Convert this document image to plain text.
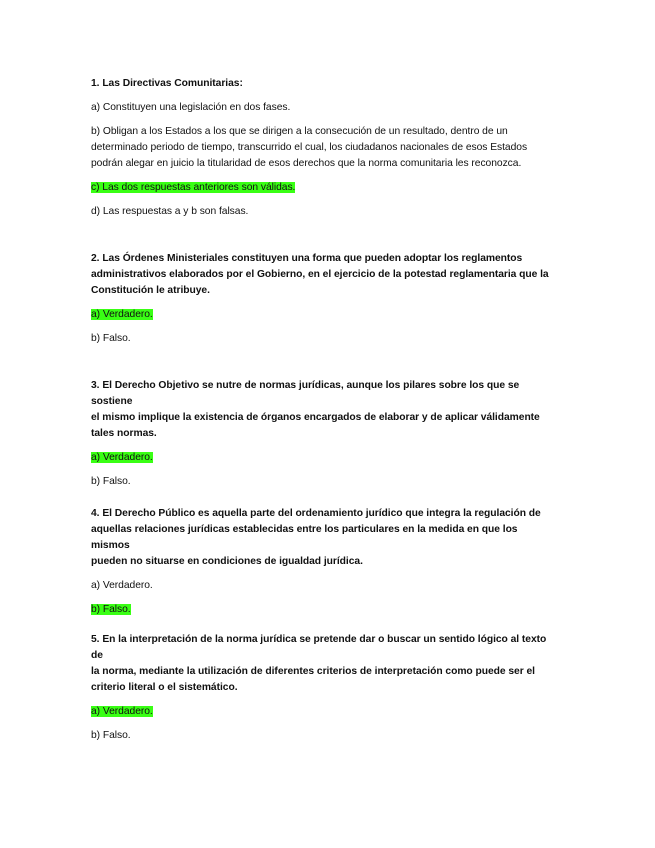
1. Las Directivas Comunitarias:

a) Constituyen una legislación en dos fases.
b) Obligan a los Estados a los que se dirigen a la consecución de un resultado, dentro de un
determinado periodo de tiempo, transcurrido el cual, los ciudadanos nacionales de esos Estados
podrán alegar en juicio la titularidad de esos derechos que la norma comunitaria les reconozca.
c) Las dos respuestas anteriores son válidas.
d) Las respuestas a y b son falsas.

2. Las Órdenes Ministeriales constituyen una forma que pueden adoptar los reglamentos
administrativos elaborados por el Gobierno, en el ejercicio de la potestad reglamentaria que la
Constitución le atribuye.

a) Verdadero.
b) Falso.

3. El Derecho Objetivo se nutre de normas jurídicas, aunque los pilares sobre los que se sostiene
el mismo implique la existencia de órganos encargados de elaborar y de aplicar válidamente
tales normas.

a) Verdadero.
b) Falso.

4. El Derecho Público es aquella parte del ordenamiento jurídico que integra la regulación de
aquellas relaciones jurídicas establecidas entre los particulares en la medida en que los mismos
pueden no situarse en condiciones de igualdad jurídica.

a) Verdadero.
b) Falso.

5. En la interpretación de la norma jurídica se pretende dar o buscar un sentido lógico al texto de
la norma, mediante la utilización de diferentes criterios de interpretación como puede ser el
criterio literal o el sistemático.

a) Verdadero.
b) Falso.
